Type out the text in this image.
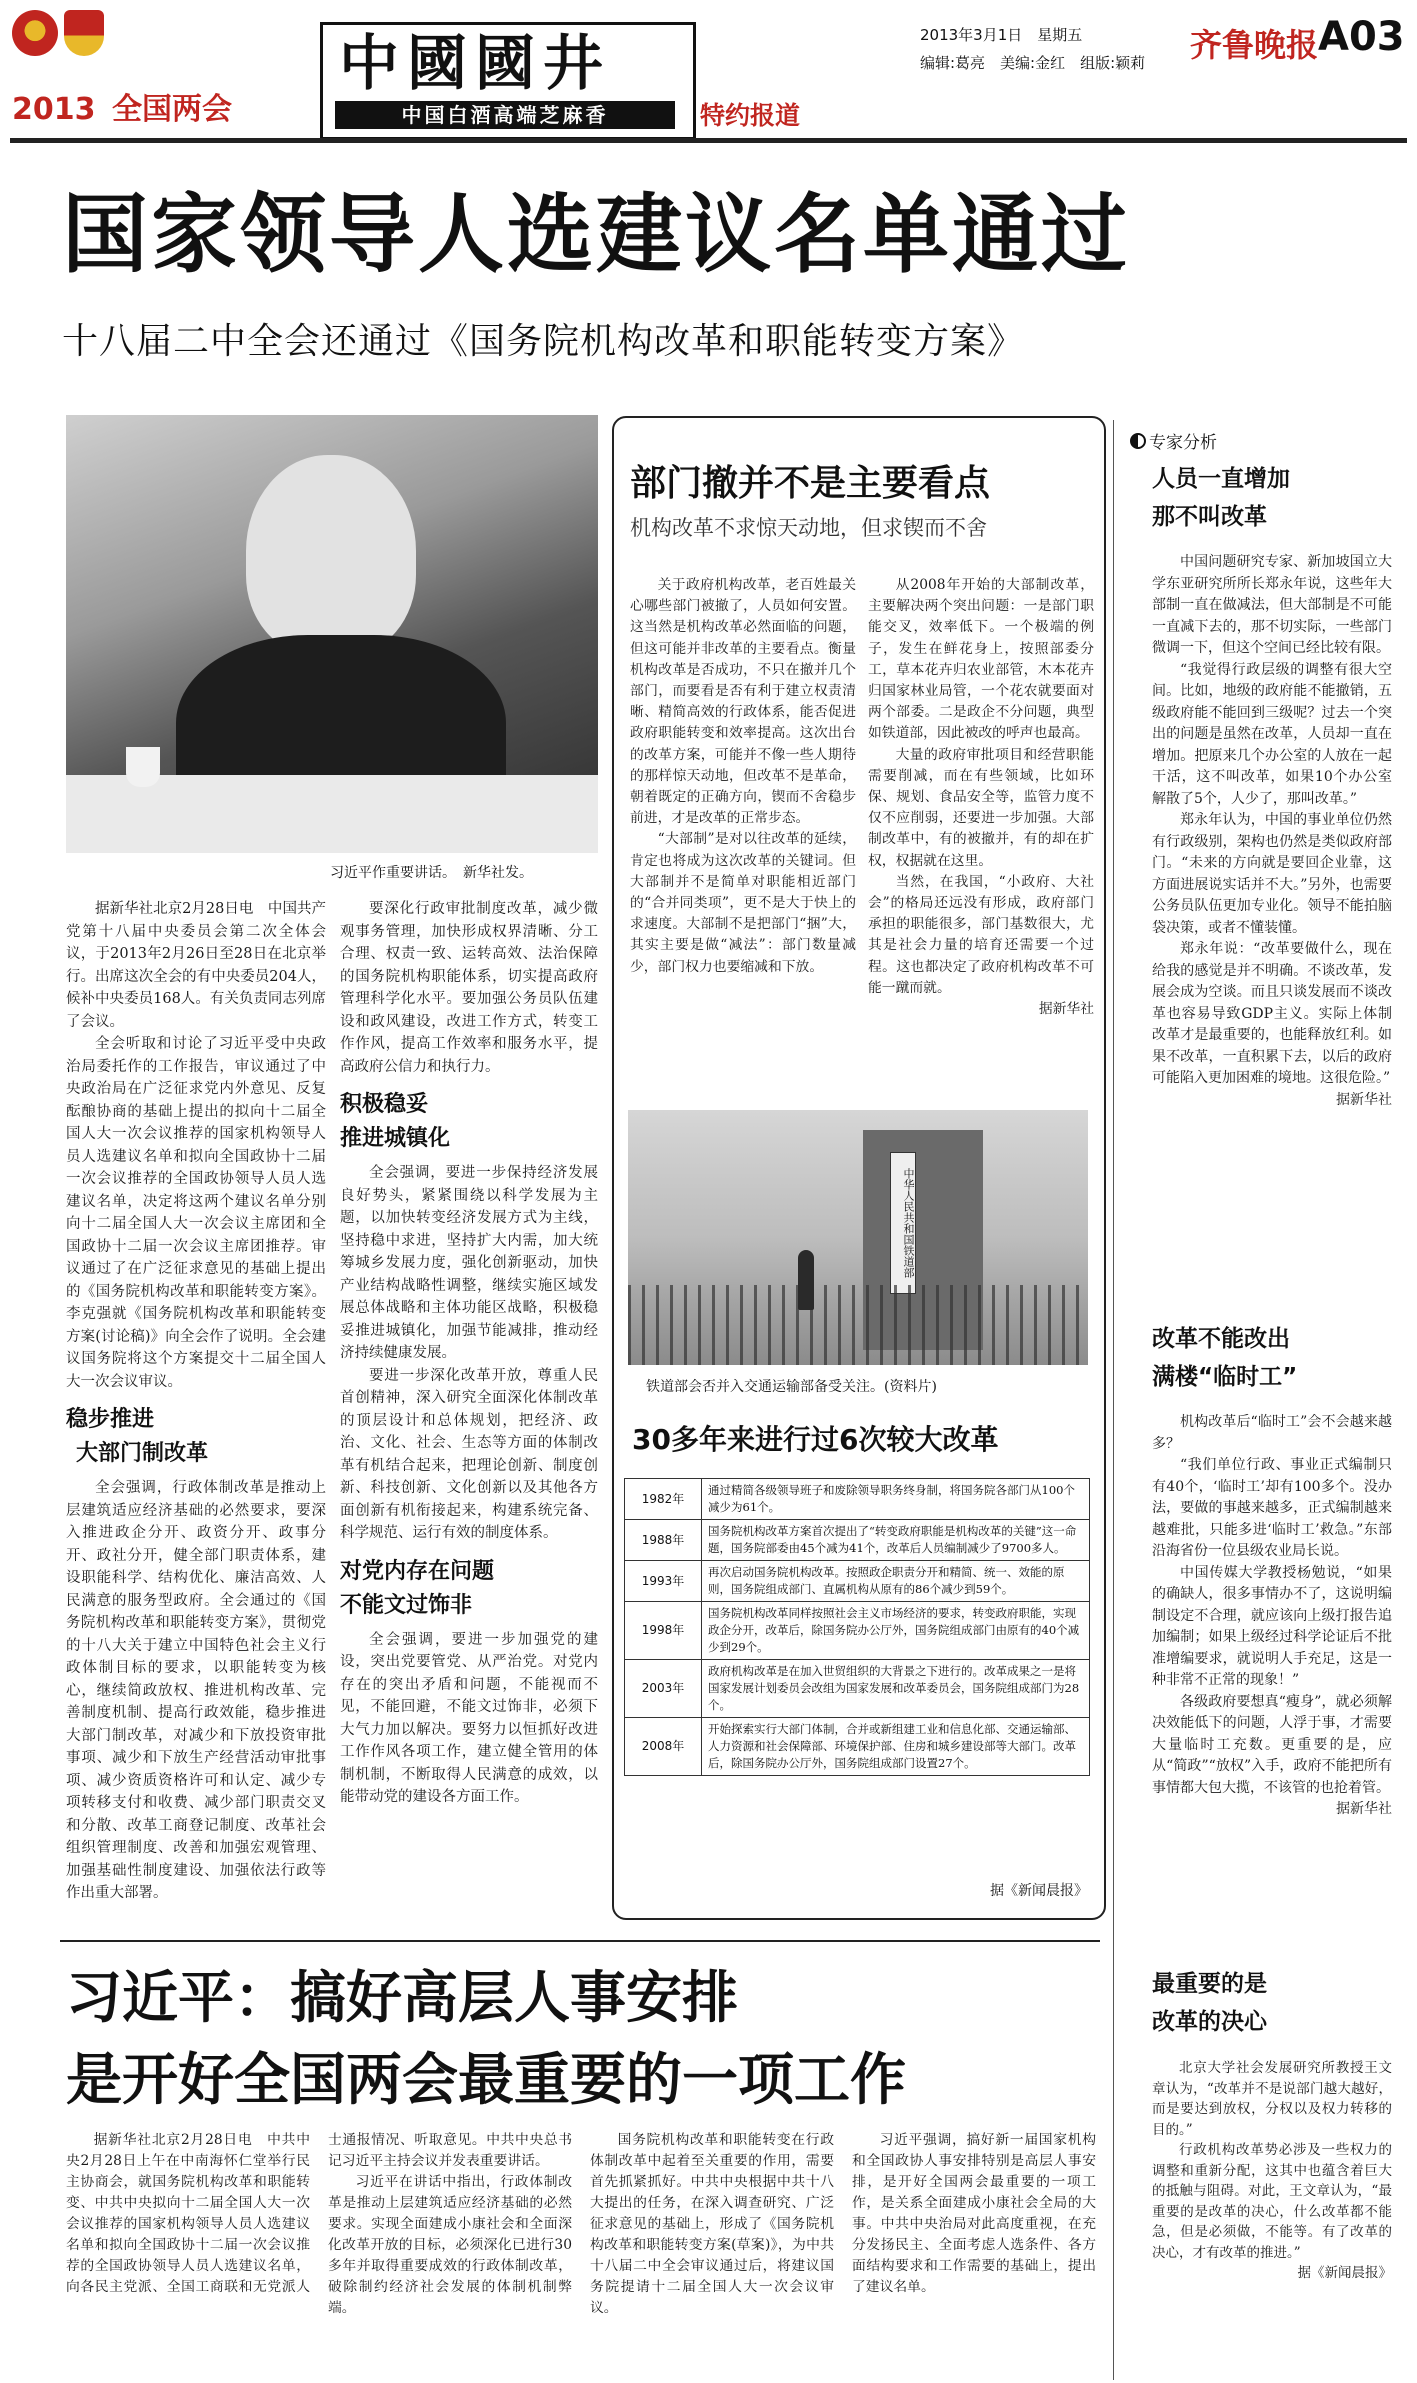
2013 全国两会
中國國井
中国白酒高端芝麻香	特约报道
2013年3月1日　星期五
编辑:葛亮　美编:金红　组版:颖莉 齐鲁晚报 A03
国家领导人选建议名单通过
十八届二中全会还通过《国务院机构改革和职能转变方案》
习近平作重要讲话。　新华社发。

据新华社北京2月28日电　中国共产党第十八届中央委员会第二次全体会议，于2013年2月26日至28日在北京举行。出席这次全会的有中央委员204人，候补中央委员168人。有关负责同志列席了会议。

全会听取和讨论了习近平受中央政治局委托作的工作报告，审议通过了中央政治局在广泛征求党内外意见、反复酝酿协商的基础上提出的拟向十二届全国人大一次会议推荐的国家机构领导人员人选建议名单和拟向全国政协十二届一次会议推荐的全国政协领导人员人选建议名单，决定将这两个建议名单分别向十二届全国人大一次会议主席团和全国政协十二届一次会议主席团推荐。审议通过了在广泛征求意见的基础上提出的《国务院机构改革和职能转变方案》。李克强就《国务院机构改革和职能转变方案(讨论稿)》向全会作了说明。全会建议国务院将这个方案提交十二届全国人大一次会议审议。

稳步推进
大部门制改革

全会强调，行政体制改革是推动上层建筑适应经济基础的必然要求，要深入推进政企分开、政资分开、政事分开、政社分开，健全部门职责体系，建设职能科学、结构优化、廉洁高效、人民满意的服务型政府。全会通过的《国务院机构改革和职能转变方案》，贯彻党的十八大关于建立中国特色社会主义行政体制目标的要求，以职能转变为核心，继续简政放权、推进机构改革、完善制度机制、提高行政效能，稳步推进大部门制改革，对减少和下放投资审批事项、减少和下放生产经营活动审批事项、减少资质资格许可和认定、减少专项转移支付和收费、减少部门职责交叉和分散、改革工商登记制度、改革社会组织管理制度、改善和加强宏观管理、加强基础性制度建设、加强依法行政等作出重大部署。

要深化行政审批制度改革，减少微观事务管理，加快形成权界清晰、分工合理、权责一致、运转高效、法治保障的国务院机构职能体系，切实提高政府管理科学化水平。要加强公务员队伍建设和政风建设，改进工作方式，转变工作作风，提高工作效率和服务水平，提高政府公信力和执行力。

积极稳妥
推进城镇化

全会强调，要进一步保持经济发展良好势头，紧紧围绕以科学发展为主题，以加快转变经济发展方式为主线，坚持稳中求进，坚持扩大内需，加大统筹城乡发展力度，强化创新驱动，加快产业结构战略性调整，继续实施区域发展总体战略和主体功能区战略，积极稳妥推进城镇化，加强节能减排，推动经济持续健康发展。

要进一步深化改革开放，尊重人民首创精神，深入研究全面深化体制改革的顶层设计和总体规划，把经济、政治、文化、社会、生态等方面的体制改革有机结合起来，把理论创新、制度创新、科技创新、文化创新以及其他各方面创新有机衔接起来，构建系统完备、科学规范、运行有效的制度体系。

对党内存在问题
不能文过饰非

全会强调，要进一步加强党的建设，突出党要管党、从严治党。对党内存在的突出矛盾和问题，不能视而不见，不能回避，不能文过饰非，必须下大气力加以解决。要努力以恒抓好改进工作作风各项工作，建立健全管用的体制机制，不断取得人民满意的成效，以能带动党的建设各方面工作。

部门撤并不是主要看点
机构改革不求惊天动地，但求锲而不舍

关于政府机构改革，老百姓最关心哪些部门被撤了，人员如何安置。这当然是机构改革必然面临的问题，但这可能并非改革的主要看点。衡量机构改革是否成功，不只在撤并几个部门，而要看是否有利于建立权责清晰、精简高效的行政体系，能否促进政府职能转变和效率提高。这次出台的改革方案，可能并不像一些人期待的那样惊天动地，但改革不是革命，朝着既定的正确方向，锲而不舍稳步前进，才是改革的正常步态。

“大部制”是对以往改革的延续，肯定也将成为这次改革的关键词。但大部制并不是简单对职能相近部门的“合并同类项”，更不是大于快上的求速度。大部制不是把部门“捆”大，其实主要是做“减法”：部门数量减少，部门权力也要缩减和下放。

从2008年开始的大部制改革，主要解决两个突出问题：一是部门职能交叉，效率低下。一个极端的例子，发生在鲜花身上，按照部委分工，草本花卉归农业部管，木本花卉归国家林业局管，一个花农就要面对两个部委。二是政企不分问题，典型如铁道部，因此被改的呼声也最高。

大量的政府审批项目和经营职能需要削减，而在有些领域，比如环保、规划、食品安全等，监管力度不仅不应削弱，还要进一步加强。大部制改革中，有的被撤并，有的却在扩权，权据就在这里。

当然，在我国，“小政府、大社会”的格局还远没有形成，政府部门承担的职能很多，部门基数很大，尤其是社会力量的培育还需要一个过程。这也都决定了政府机构改革不可能一蹴而就。

据新华社

中华人民共和国铁道部
铁道部会否并入交通运输部备受关注。(资料片)
30多年来进行过6次较大改革
1982年	通过精简各级领导班子和废除领导职务终身制，将国务院各部门从100个减少为61个。
1988年	国务院机构改革方案首次提出了“转变政府职能是机构改革的关键”这一命题，国务院部委由45个减为41个，改革后人员编制减少了9700多人。
1993年	再次启动国务院机构改革。按照政企职责分开和精简、统一、效能的原则，国务院组成部门、直属机构从原有的86个减少到59个。
1998年	国务院机构改革同样按照社会主义市场经济的要求，转变政府职能，实现政企分开，改革后，除国务院办公厅外，国务院组成部门由原有的40个减少到29个。
2003年	政府机构改革是在加入世贸组织的大背景之下进行的。改革成果之一是将国家发展计划委员会改组为国家发展和改革委员会，国务院组成部门为28个。
2008年	开始探索实行大部门体制，合并或新组建工业和信息化部、交通运输部、人力资源和社会保障部、环境保护部、住房和城乡建设部等大部门。改革后，除国务院办公厅外，国务院组成部门设置27个。
据《新闻晨报》
专家分析
人员一直增加
那不叫改革

中国问题研究专家、新加坡国立大学东亚研究所所长郑永年说，这些年大部制一直在做减法，但大部制是不可能一直减下去的，那不切实际，一些部门微调一下，但这个空间已经比较有限。

“我觉得行政层级的调整有很大空间。比如，地级的政府能不能撤销，五级政府能不能回到三级呢？过去一个突出的问题是虽然在改革，人员却一直在增加。把原来几个办公室的人放在一起干活，这不叫改革，如果10个办公室解散了5个，人少了，那叫改革。”

郑永年认为，中国的事业单位仍然有行政级别，架构也仍然是类似政府部门。“未来的方向就是要回企业靠，这方面进展说实话并不大。”另外，也需要公务员队伍更加专业化。领导不能拍脑袋决策，或者不懂装懂。

郑永年说：“改革要做什么，现在给我的感觉是并不明确。不谈改革，发展会成为空谈。而且只谈发展而不谈改革也容易导致GDP主义。实际上体制改革才是最重要的，也能释放红利。如果不改革，一直积累下去，以后的政府可能陷入更加困难的境地。这很危险。”

据新华社

改革不能改出
满楼“临时工”

机构改革后“临时工”会不会越来越多？

“我们单位行政、事业正式编制只有40个，‘临时工’却有100多个。没办法，要做的事越来越多，正式编制越来越难批，只能多进‘临时工’救急。”东部沿海省份一位县级农业局长说。

中国传媒大学教授杨勉说，“如果的确缺人，很多事情办不了，这说明编制设定不合理，就应该向上级打报告追加编制；如果上级经过科学论证后不批准增编要求，就说明人手充足，这是一种非常不正常的现象！”

各级政府要想真“瘦身”，就必须解决效能低下的问题，人浮于事，才需要大量临时工充数。更重要的是，应从“简政”“放权”入手，政府不能把所有事情都大包大揽，不该管的也抢着管。

据新华社

最重要的是
改革的决心

北京大学社会发展研究所教授王文章认为，“改革并不是说部门越大越好，而是要达到放权，分权以及权力转移的目的。”

行政机构改革势必涉及一些权力的调整和重新分配，这其中也蕴含着巨大的抵触与阻碍。对此，王文章认为，“最重要的是改革的决心，什么改革都不能急，但是必须做，不能等。有了改革的决心，才有改革的推进。”

据《新闻晨报》

习近平：搞好高层人事安排
是开好全国两会最重要的一项工作

据新华社北京2月28日电　中共中央2月28日上午在中南海怀仁堂举行民主协商会，就国务院机构改革和职能转变、中共中央拟向十二届全国人大一次会议推荐的国家机构领导人员人选建议名单和拟向全国政协十二届一次会议推荐的全国政协领导人员人选建议名单，向各民主党派、全国工商联和无党派人士通报情况、听取意见。中共中央总书记习近平主持会议并发表重要讲话。

习近平在讲话中指出，行政体制改革是推动上层建筑适应经济基础的必然要求。实现全面建成小康社会和全面深化改革开放的目标，必须深化已进行30多年并取得重要成效的行政体制改革，破除制约经济社会发展的体制机制弊端。

国务院机构改革和职能转变在行政体制改革中起着至关重要的作用，需要首先抓紧抓好。中共中央根据中共十八大提出的任务，在深入调查研究、广泛征求意见的基础上，形成了《国务院机构改革和职能转变方案(草案)》，为中共十八届二中全会审议通过后，将建议国务院提请十二届全国人大一次会议审议。

习近平强调，搞好新一届国家机构和全国政协人事安排特别是高层人事安排，是开好全国两会最重要的一项工作，是关系全面建成小康社会全局的大事。中共中央治局对此高度重视，在充分发扬民主、全面考虑人选条件、各方面结构要求和工作需要的基础上，提出了建议名单。
